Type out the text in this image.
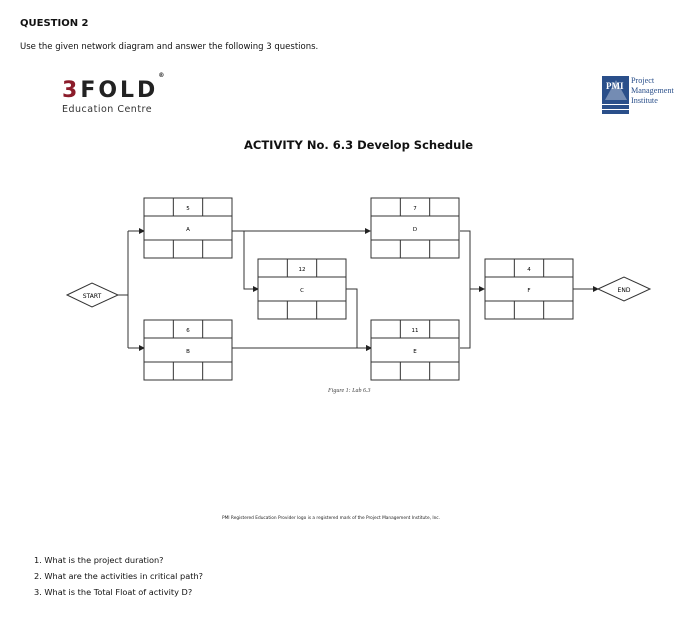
QUESTION 2
Use the given network diagram and answer the following 3 questions.
3FOLD®
Education Centre
PMI
Project
Management
Institute
ACTIVITY No. 6.3 Develop Schedule
5
A
6
B
12
C
7
D
11
E
4
F
START
END
Figure 1: Lab 6.3
PMI Registered Education Provider logo is a registered mark of the Project Management Institute, Inc.
1. What is the project duration?
2. What are the activities in critical path?
3. What is the Total Float of activity D?
